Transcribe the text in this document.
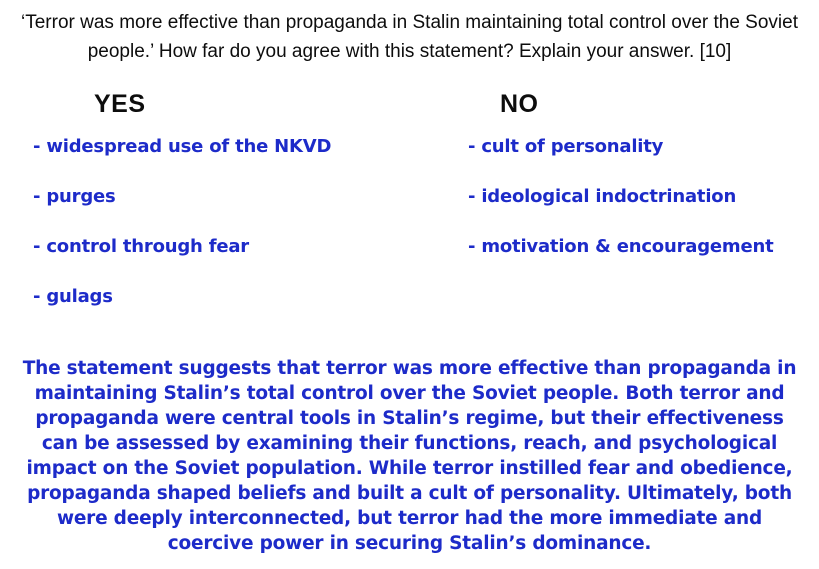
‘Terror was more effective than propaganda in Stalin maintaining total control over the Soviet people.’ How far do you agree with this statement? Explain your answer. [10]
YES
- widespread use of the NKVD
- purges
- control through fear
- gulags
NO
- cult of personality
- ideological indoctrination
- motivation & encouragement
The statement suggests that terror was more effective than propaganda in maintaining Stalin’s total control over the Soviet people. Both terror and propaganda were central tools in Stalin’s regime, but their effectiveness can be assessed by examining their functions, reach, and psychological impact on the Soviet population. While terror instilled fear and obedience, propaganda shaped beliefs and built a cult of personality. Ultimately, both were deeply interconnected, but terror had the more immediate and coercive power in securing Stalin’s dominance.
